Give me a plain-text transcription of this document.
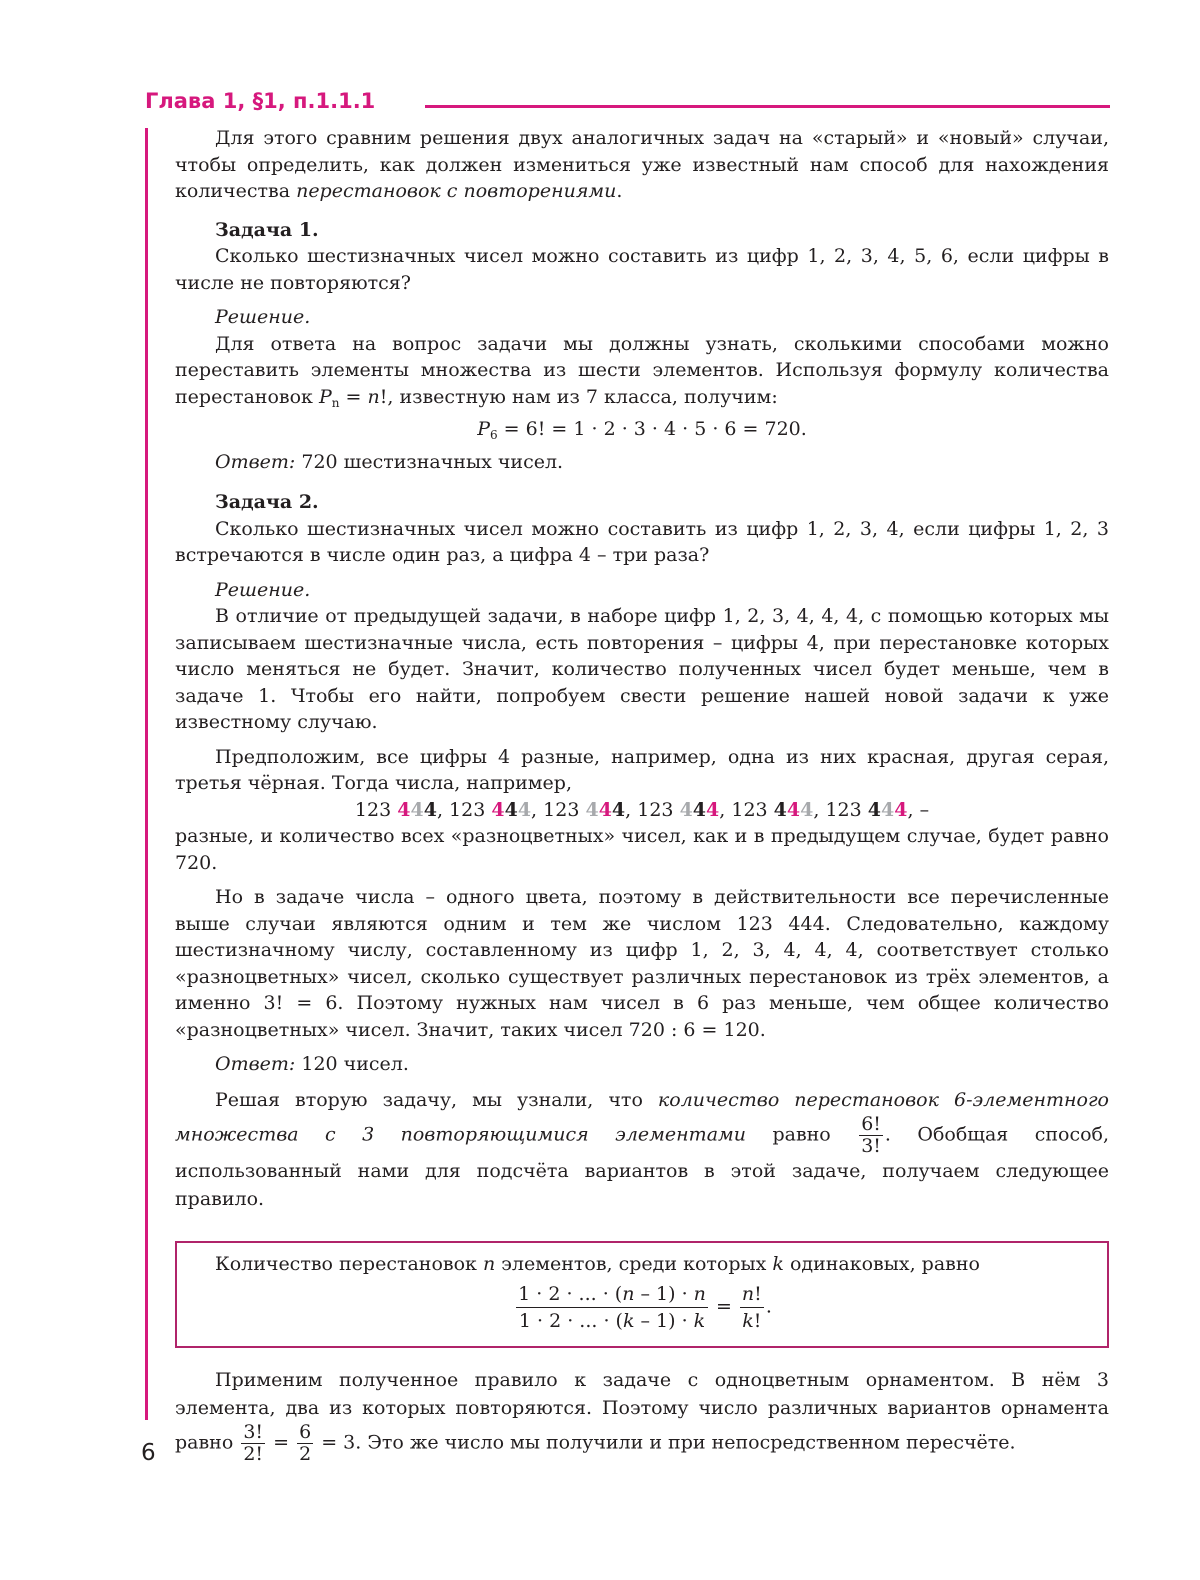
Глава 1, §1, п.1.1.1

Для этого сравним решения двух аналогичных задач на «старый» и «новый» случаи, чтобы определить, как должен измениться уже известный нам способ для нахождения количества перестановок с повторениями.

Задача 1.

Сколько шестизначных чисел можно составить из цифр 1, 2, 3, 4, 5, 6, если цифры в числе не повторяются?

Решение.

Для ответа на вопрос задачи мы должны узнать, сколькими способами можно переставить элементы множества из шести элементов. Используя формулу количества перестановок $P_n = n$!, известную нам из 7 класса, получим:

$P_6 = 6$! = 1 · 2 · 3 · 4 · 5 · 6 = 720.

Ответ: 720 шестизначных чисел.

Задача 2.

Сколько шестизначных чисел можно составить из цифр 1, 2, 3, 4, если цифры 1, 2, 3 встречаются в числе один раз, а цифра 4 – три раза?

Решение.

В отличие от предыдущей задачи, в наборе цифр 1, 2, 3, 4, 4, 4, с помощью которых мы записываем шестизначные числа, есть повторения – цифры 4, при перестановке которых число меняться не будет. Значит, количество полученных чисел будет меньше, чем в задаче 1. Чтобы его найти, попробуем свести решение нашей новой задачи к уже известному случаю.

Предположим, все цифры 4 разные, например, одна из них красная, другая серая, третья чёрная. Тогда числа, например,

123 444, 123 444, 123 444, 123 444, 123 444, 123 444, –

разные, и количество всех «разноцветных» чисел, как и в предыдущем случае, будет равно 720.

Но в задаче числа – одного цвета, поэтому в действительности все перечисленные выше случаи являются одним и тем же числом 123 444. Следовательно, каждому шестизначному числу, составленному из цифр 1, 2, 3, 4, 4, 4, соответствует столько «разноцветных» чисел, сколько существует различных перестановок из трёх элементов, а именно 3! = 6. Поэтому нужных нам чисел в 6 раз меньше, чем общее количество «разноцветных» чисел. Значит, таких чисел 720 : 6 = 120.

Ответ: 120 чисел.

Решая вторую задачу, мы узнали, что количество перестановок 6-элементного множества с 3 повторяющимися элементами равно $\frac{6!}{3!}$ . Обобщая способ, использованный нами для подсчёта вариантов в этой задаче, получаем следующее правило.

Количество перестановок n элементов, среди которых k одинаковых, равно

$\frac{1 \cdot 2 \cdot ... \cdot (n - 1) \cdot n}{1 \cdot 2 \cdot ... \cdot (k - 1) \cdot k} = \frac{n!}{k!}$ .

Применим полученное правило к задаче с одноцветным орнаментом. В нём 3 элемента, два из которых повторяются. Поэтому число различных вариантов орнамента равно $\frac{3!}{2!} = \frac{6}{2} = 3$. Это же число мы получили и при непосредственном пересчёте.

6
